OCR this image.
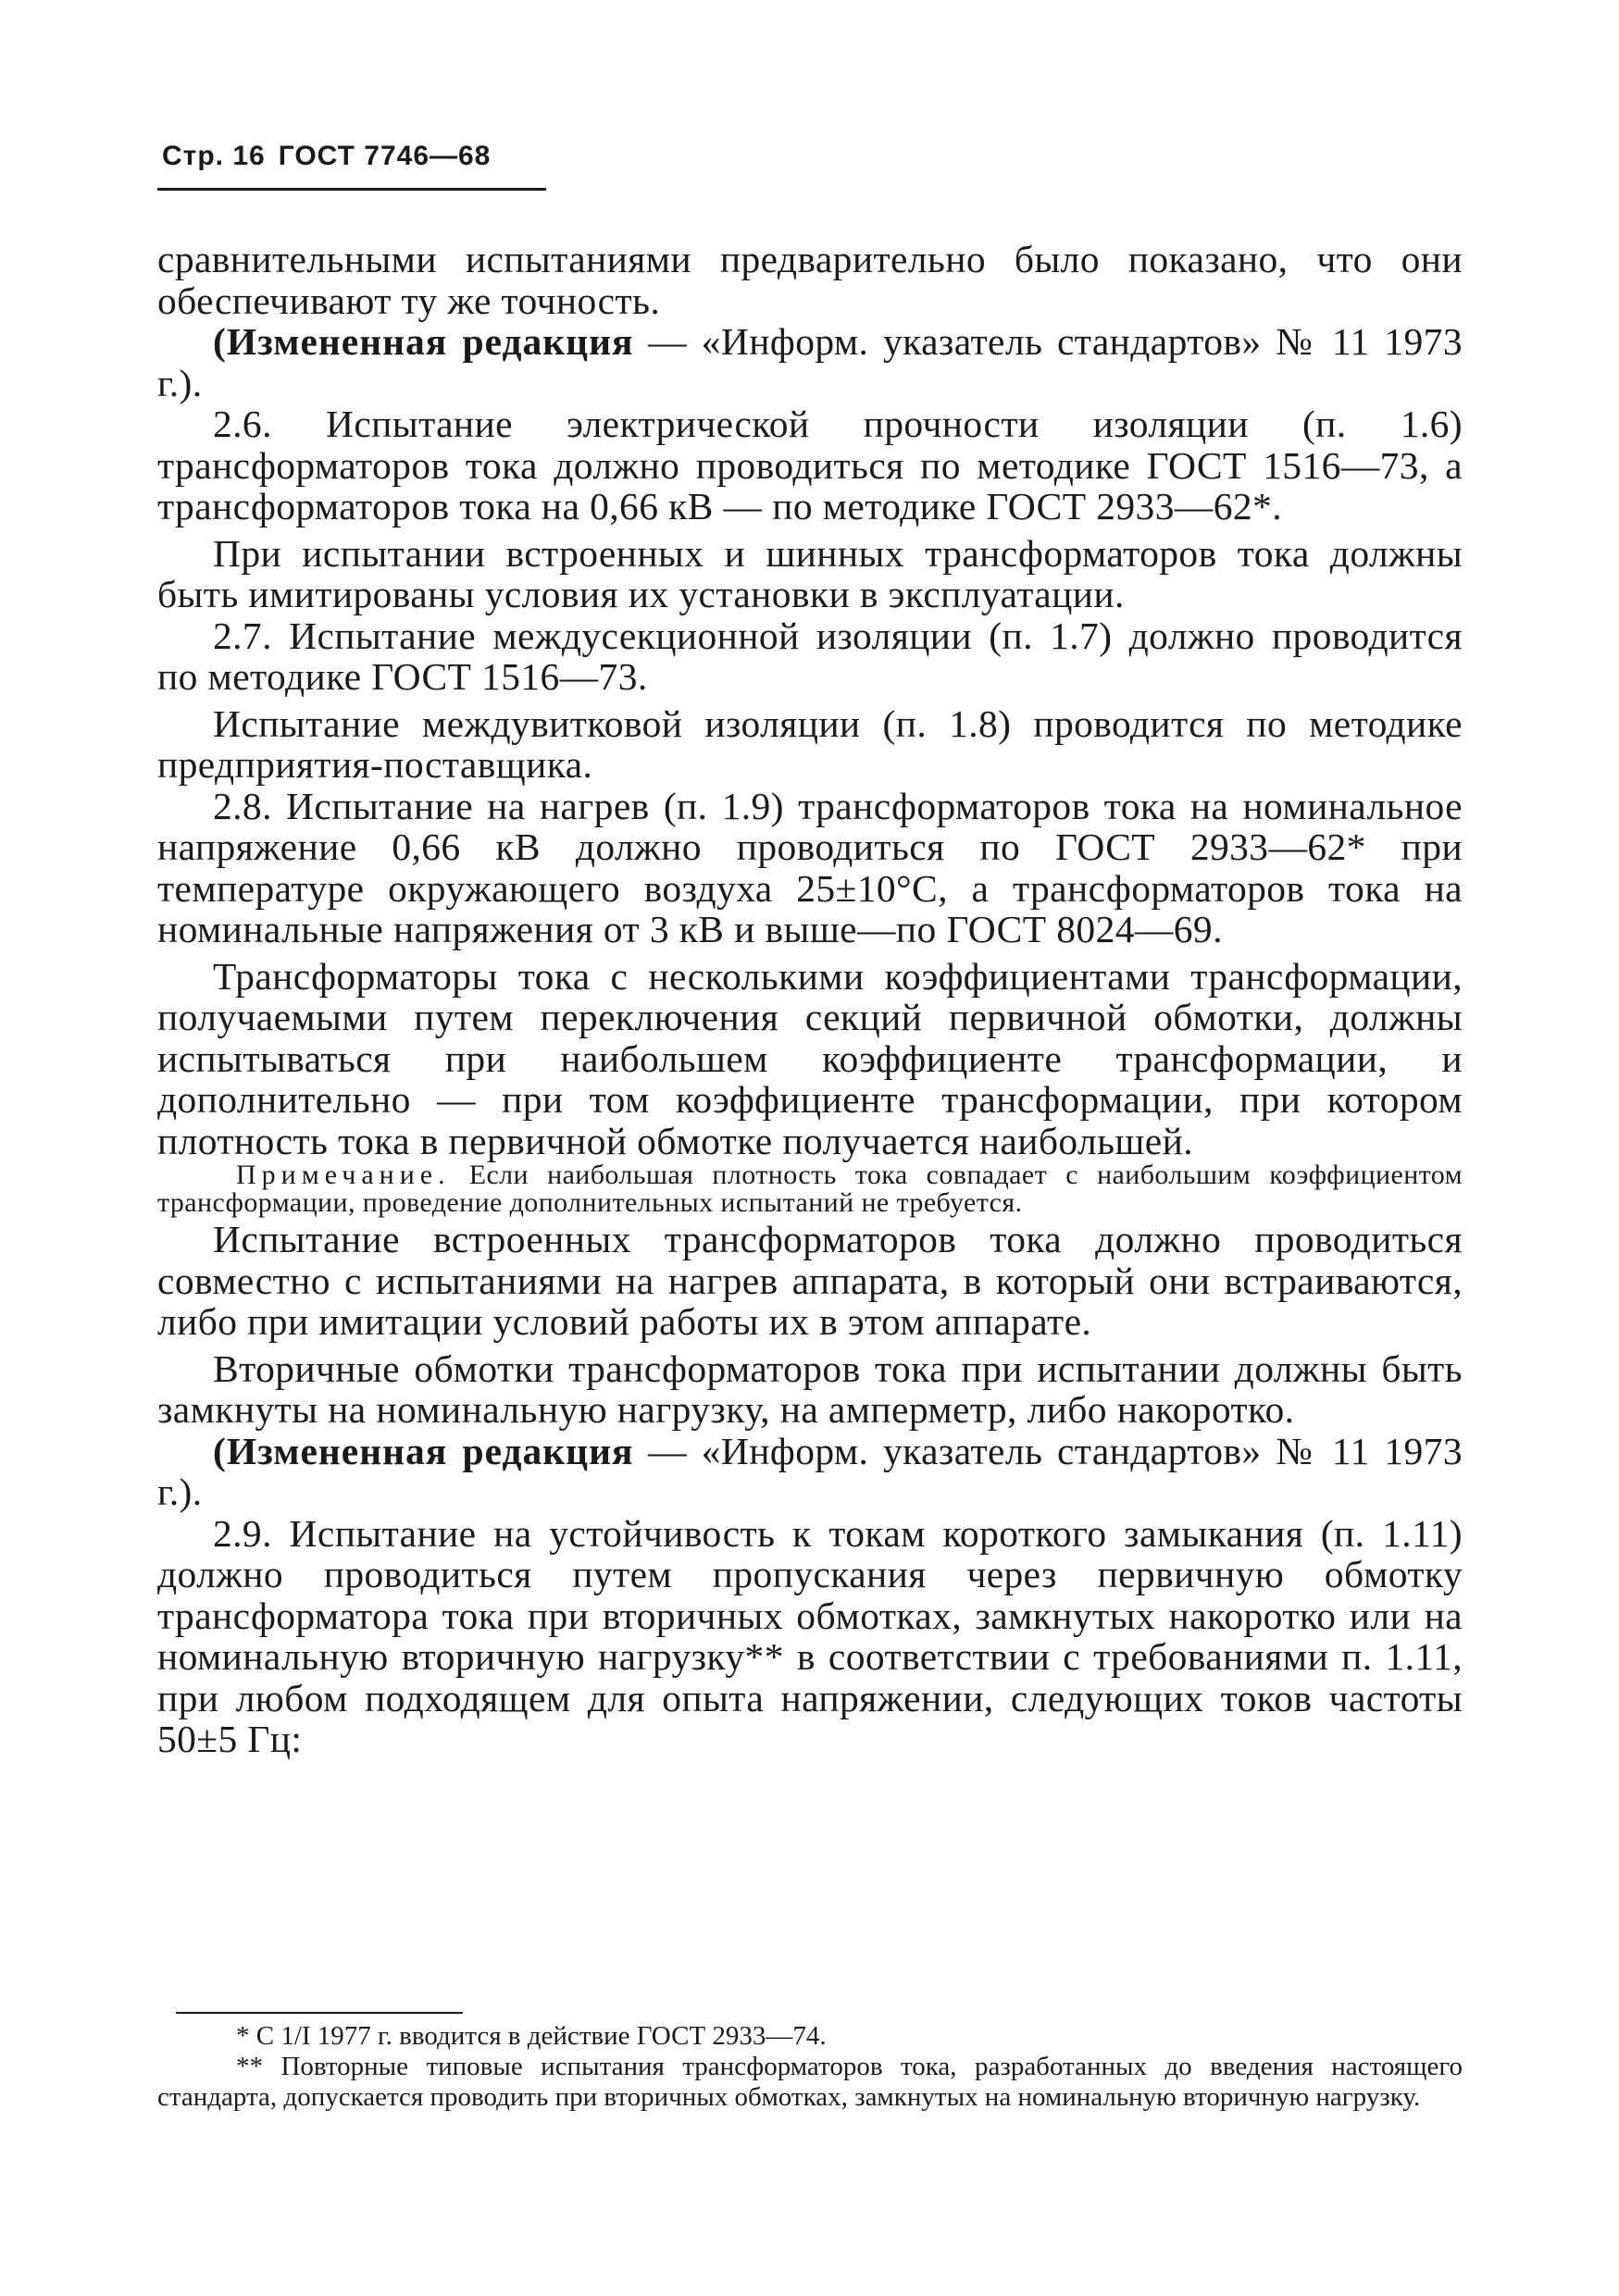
Стр. 16 ГОСТ 7746—68

сравнительными испытаниями предварительно было показано, что они обеспечивают ту же точность.

(Измененная редакция — «Информ. указатель стандартов» № 11 1973 г.).

2.6. Испытание электрической прочности изоляции (п. 1.6) трансформаторов тока должно проводиться по методике ГОСТ 1516—73, а трансформаторов тока на 0,66 кВ — по методике ГОСТ 2933—62*.

При испытании встроенных и шинных трансформаторов тока должны быть имитированы условия их установки в эксплуатации.

2.7. Испытание междусекционной изоляции (п. 1.7) должно проводится по методике ГОСТ 1516—73.

Испытание междувитковой изоляции (п. 1.8) проводится по методике предприятия-поставщика.

2.8. Испытание на нагрев (п. 1.9) трансформаторов тока на номинальное напряжение 0,66 кВ должно проводиться по ГОСТ 2933—62* при температуре окружающего воздуха 25±10°С, а трансформаторов тока на номинальные напряжения от 3 кВ и выше—по ГОСТ 8024—69.

Трансформаторы тока с несколькими коэффициентами трансформации, получаемыми путем переключения секций первичной обмотки, должны испытываться при наибольшем коэффициенте трансформации, и дополнительно — при том коэффициенте трансформации, при котором плотность тока в первичной обмотке получается наибольшей.

Примечание. Если наибольшая плотность тока совпадает с наибольшим коэффициентом трансформации, проведение дополнительных испытаний не требуется.

Испытание встроенных трансформаторов тока должно проводиться совместно с испытаниями на нагрев аппарата, в который они встраиваются, либо при имитации условий работы их в этом аппарате.

Вторичные обмотки трансформаторов тока при испытании должны быть замкнуты на номинальную нагрузку, на амперметр, либо накоротко.

(Измененная редакция — «Информ. указатель стандартов» № 11 1973 г.).

2.9. Испытание на устойчивость к токам короткого замыкания (п. 1.11) должно проводиться путем пропускания через первичную обмотку трансформатора тока при вторичных обмотках, замкнутых накоротко или на номинальную вторичную нагрузку** в соответствии с требованиями п. 1.11, при любом подходящем для опыта напряжении, следующих токов частоты 50±5 Гц:

* С 1/I 1977 г. вводится в действие ГОСТ 2933—74.

** Повторные типовые испытания трансформаторов тока, разработанных до введения настоящего стандарта, допускается проводить при вторичных обмотках, замкнутых на номинальную вторичную нагрузку.
